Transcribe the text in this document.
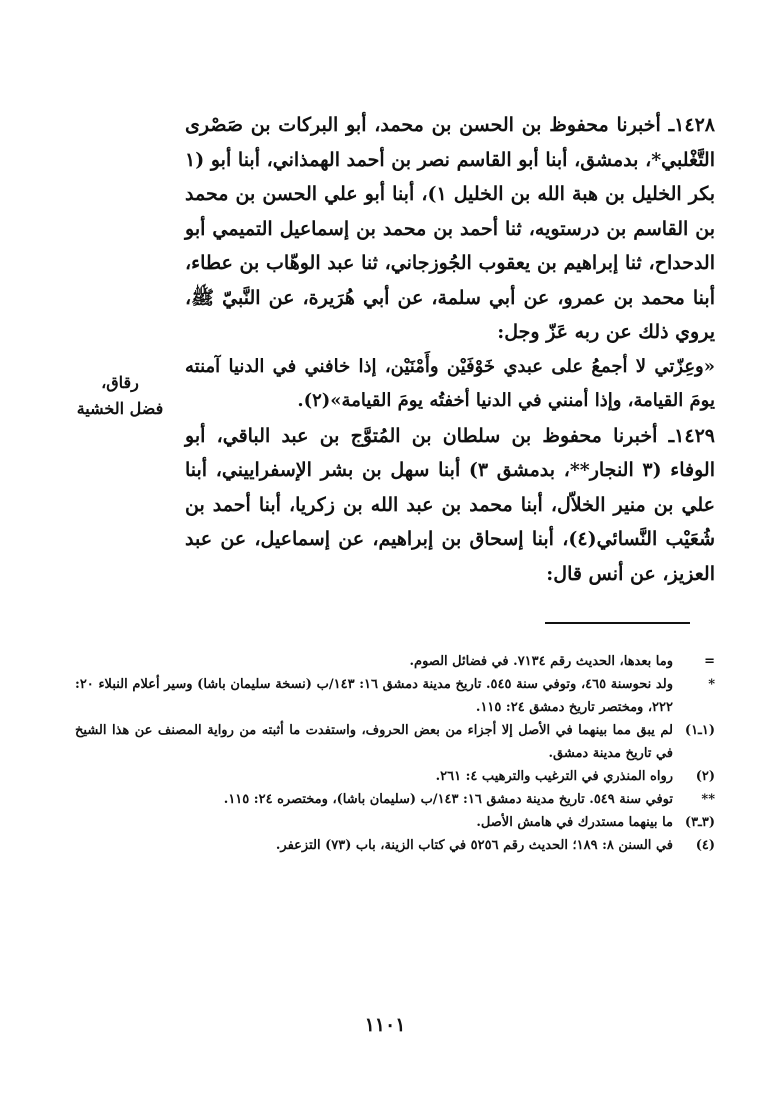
١٤٢٨ـ أخبرنا محفوظ بن الحسن بن محمد، أبو البركات بن صَصْرى التَّغْلبي*، بدمشق، أبنا أبو القاسم نصر بن أحمد الهمذاني، أبنا أبو (١ بكر الخليل بن هبة الله بن الخليل ١)، أبنا أبو علي الحسن بن محمد بن القاسم بن درستويه، ثنا أحمد بن محمد بن إسماعيل التميمي أبو الدحداح، ثنا إبراهيم بن يعقوب الجُوزجاني، ثنا عبد الوهّاب بن عطاء، أبنا محمد بن عمرو، عن أبي سلمة، عن أبي هُرَيرة، عن النَّبيّ ﷺ، يروي ذلك عن ربه عَزّ وجل:

«وعِزّتي لا أجمعُ على عبدي خَوْفَيْن وأَمْنَيْن، إذا خافني في الدنيا آمنته يومَ القيامة، وإذا أمنني في الدنيا أخفتُه يومَ القيامة»(٢).

١٤٢٩ـ أخبرنا محفوظ بن سلطان بن المُتوَّج بن عبد الباقي، أبو الوفاء (٣ النجار**، بدمشق ٣) أبنا سهل بن بشر الإسفراييني، أبنا علي بن منير الخلاّل، أبنا محمد بن عبد الله بن زكريا، أبنا أحمد بن شُعَيْب النَّسائي(٤)، أبنا إسحاق بن إبراهيم، عن إسماعيل، عن عبد العزيز، عن أنس قال:

رقاق،
فضل الخشية
=
وما بعدها، الحديث رقم ٧١٣٤. في فضائل الصوم.
*
ولد نحوسنة ٤٦٥، وتوفي سنة ٥٤٥. تاريخ مدينة دمشق ١٦: ١٤٣/ب (نسخة سليمان باشا) وسير أعلام النبلاء ٢٠: ٢٢٢، ومختصر تاريخ دمشق ٢٤: ١١٥.
(١ـ١)
لم يبق مما بينهما في الأصل إلا أجزاء من بعض الحروف، واستفدت ما أثبته من رواية المصنف عن هذا الشيخ في تاريخ مدينة دمشق.
(٢)
رواه المنذري في الترغيب والترهيب ٤: ٢٦١.
**
توفي سنة ٥٤٩. تاريخ مدينة دمشق ١٦: ١٤٣/ب (سليمان باشا)، ومختصره ٢٤: ١١٥.
(٣ـ٣)
ما بينهما مستدرك في هامش الأصل.
(٤)
في السنن ٨: ١٨٩؛ الحديث رقم ٥٢٥٦ في كتاب الزينة، باب (٧٣) التزعفر.
١١٠١
